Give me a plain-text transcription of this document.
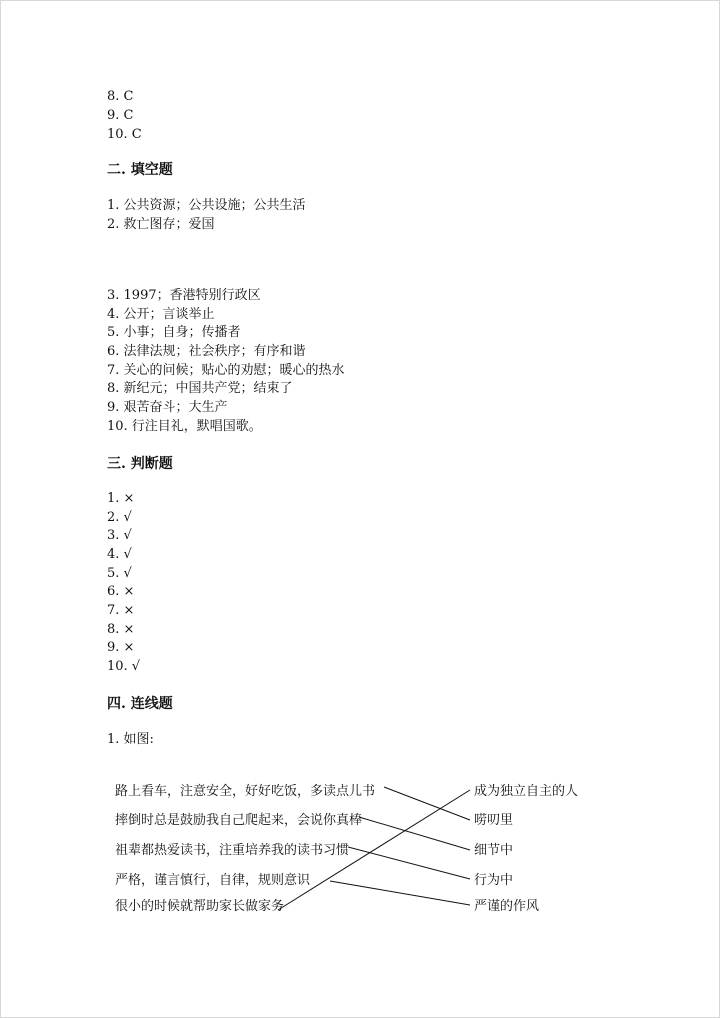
8. C
9. C
10. C
二. 填空题
1. 公共资源；公共设施；公共生活
2. 救亡图存；爱国
3. 1997；香港特别行政区
4. 公开；言谈举止
5. 小事；自身；传播者
6. 法律法规；社会秩序；有序和谐
7. 关心的问候；贴心的劝慰；暖心的热水
8. 新纪元；中国共产党；结束了
9. 艰苦奋斗；大生产
10. 行注目礼，默唱国歌。
三. 判断题
1. ×
2. √
3. √
4. √
5. √
6. ×
7. ×
8. ×
9. ×
10. √
四. 连线题
1. 如图:
路上看车，注意安全，好好吃饭，多读点儿书
摔倒时总是鼓励我自己爬起来，会说你真棒
祖辈都热爱读书，注重培养我的读书习惯
严格，谨言慎行，自律，规则意识
很小的时候就帮助家长做家务
成为独立自主的人
唠叨里
细节中
行为中
严谨的作风
